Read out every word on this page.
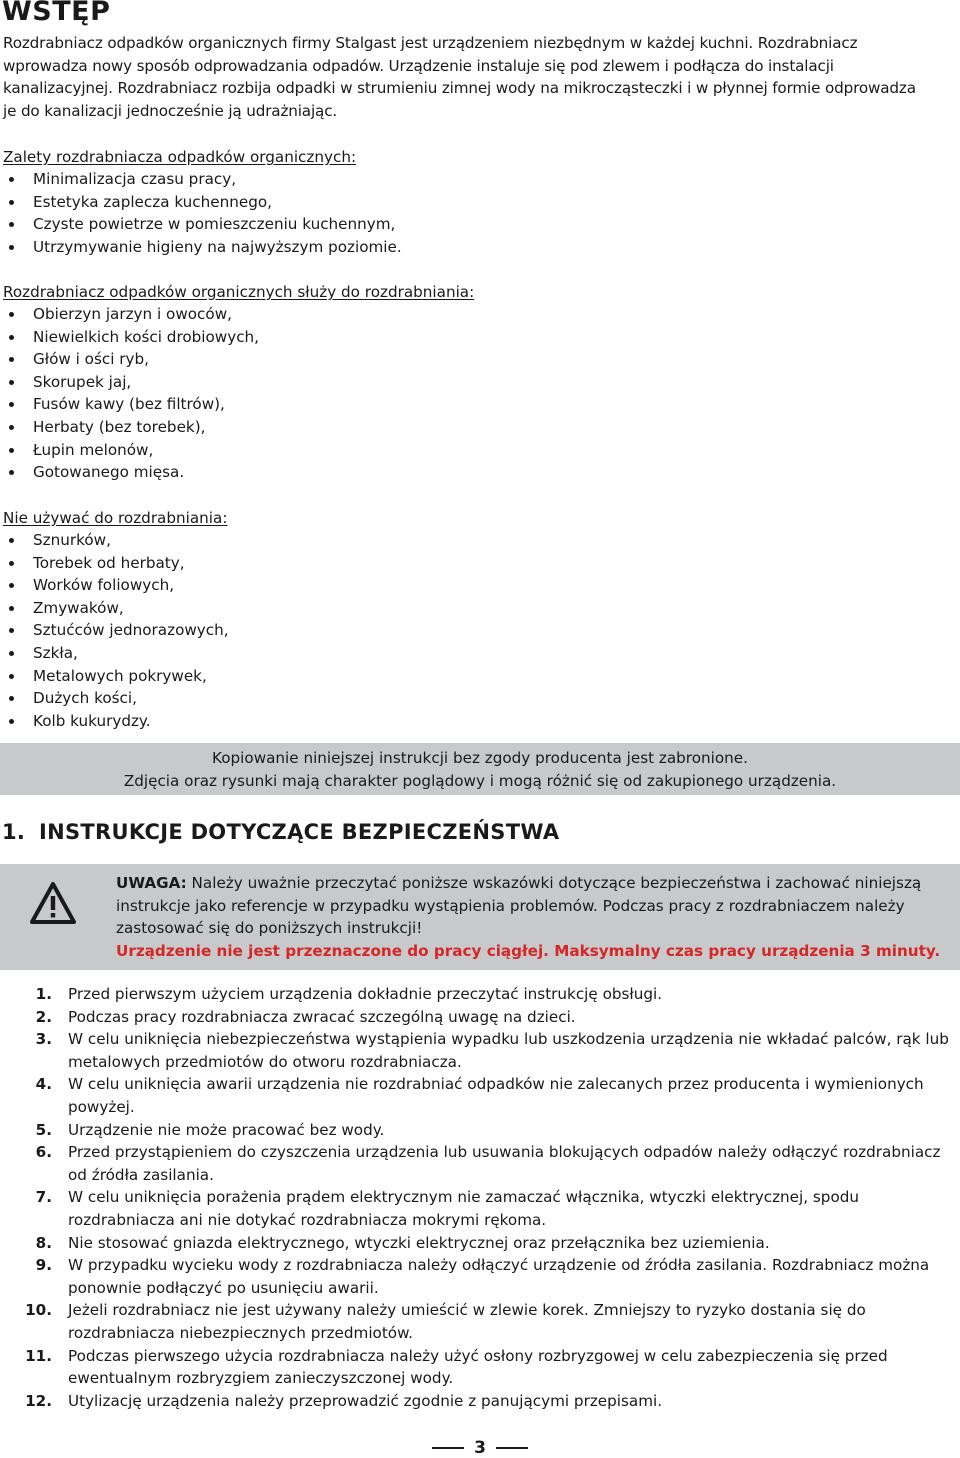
WSTĘP
Rozdrabniacz odpadków organicznych firmy Stalgast jest urządzeniem niezbędnym w każdej kuchni. Rozdrabniacz
wprowadza nowy sposób odprowadzania odpadów. Urządzenie instaluje się pod zlewem i podłącza do instalacji
kanalizacyjnej. Rozdrabniacz rozbija odpadki w strumieniu zimnej wody na mikrocząsteczki i w płynnej formie odprowadza
je do kanalizacji jednocześnie ją udrażniając.

Zalety rozdrabniacza odpadków organicznych:

Minimalizacja czasu pracy,
Estetyka zaplecza kuchennego,
Czyste powietrze w pomieszczeniu kuchennym,
Utrzymywanie higieny na najwyższym poziomie.

Rozdrabniacz odpadków organicznych służy do rozdrabniania:

Obierzyn jarzyn i owoców,
Niewielkich kości drobiowych,
Głów i ości ryb,
Skorupek jaj,
Fusów kawy (bez filtrów),
Herbaty (bez torebek),
Łupin melonów,
Gotowanego mięsa.

Nie używać do rozdrabniania:

Sznurków,
Torebek od herbaty,
Worków foliowych,
Zmywaków,
Sztućców jednorazowych,
Szkła,
Metalowych pokrywek,
Dużych kości,
Kolb kukurydzy.

Kopiowanie niniejszej instrukcji bez zgody producenta jest zabronione.

Zdjęcia oraz rysunki mają charakter poglądowy i mogą różnić się od zakupionego urządzenia.

1. INSTRUKCJE DOTYCZĄCE BEZPIECZEŃSTWA

UWAGA: Należy uważnie przeczytać poniższe wskazówki dotyczące bezpieczeństwa i zachować niniejszą instrukcje jako referencje w przypadku wystąpienia problemów. Podczas pracy z rozdrabniaczem należy zastosować się do poniższych instrukcji!
Urządzenie nie jest przeznaczone do pracy ciągłej. Maksymalny czas pracy urządzenia 3 minuty.

1. Przed pierwszym użyciem urządzenia dokładnie przeczytać instrukcję obsługi.
2. Podczas pracy rozdrabniacza zwracać szczególną uwagę na dzieci.
3. W celu uniknięcia niebezpieczeństwa wystąpienia wypadku lub uszkodzenia urządzenia nie wkładać palców, rąk lub metalowych przedmiotów do otworu rozdrabniacza.
4. W celu uniknięcia awarii urządzenia nie rozdrabniać odpadków nie zalecanych przez producenta i wymienionych powyżej.
5. Urządzenie nie może pracować bez wody.
6. Przed przystąpieniem do czyszczenia urządzenia lub usuwania blokujących odpadów należy odłączyć rozdrabniacz od źródła zasilania.
7. W celu uniknięcia porażenia prądem elektrycznym nie zamaczać włącznika, wtyczki elektrycznej, spodu rozdrabniacza ani nie dotykać rozdrabniacza mokrymi rękoma.
8. Nie stosować gniazda elektrycznego, wtyczki elektrycznej oraz przełącznika bez uziemienia.
9. W przypadku wycieku wody z rozdrabniacza należy odłączyć urządzenie od źródła zasilania. Rozdrabniacz można ponownie podłączyć po usunięciu awarii.
10. Jeżeli rozdrabniacz nie jest używany należy umieścić w zlewie korek. Zmniejszy to ryzyko dostania się do rozdrabniacza niebezpiecznych przedmiotów.
11. Podczas pierwszego użycia rozdrabniacza należy użyć osłony rozbryzgowej w celu zabezpieczenia się przed ewentualnym rozbryzgiem zanieczyszczonej wody.
12. Utylizację urządzenia należy przeprowadzić zgodnie z panującymi przepisami.
3
